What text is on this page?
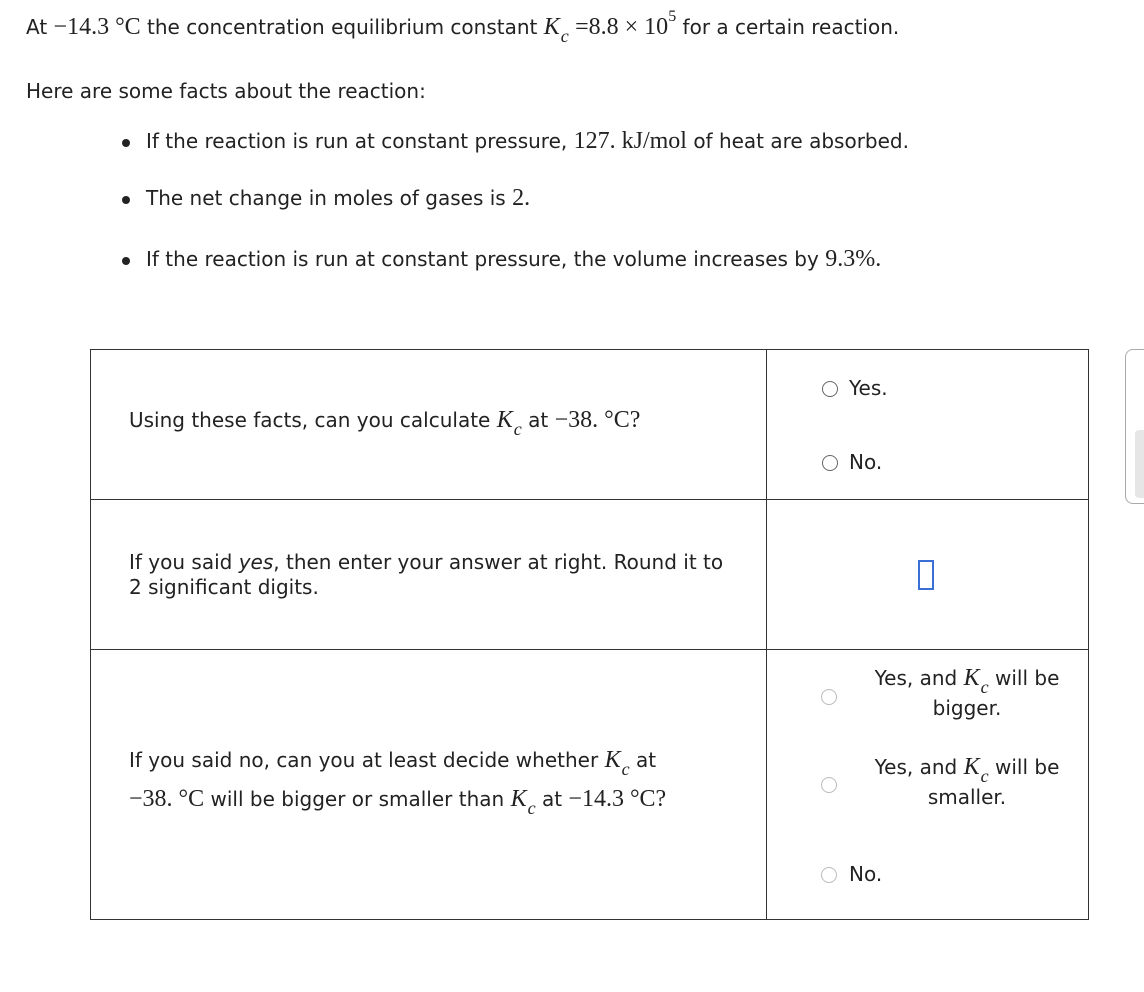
At −14.3 °C the concentration equilibrium constant $K_c =8.8 \times 10^5$ for a certain reaction.
Here are some facts about the reaction:
If the reaction is run at constant pressure, 127. kJ/mol of heat are absorbed.
The net change in moles of gases is 2.
If the reaction is run at constant pressure, the volume increases by 9.3%.
Using these facts, can you calculate $K_c$ at −38. °C?
Yes.
No.
If you said yes, then enter your answer at right. Round it to
2 significant digits.
If you said no, can you at least decide whether $K_c$ at
−38. °C will be bigger or smaller than $K_c$ at −14.3 °C?
Yes, and $K_c$ will be
bigger.
Yes, and $K_c$ will be
smaller.
No.
